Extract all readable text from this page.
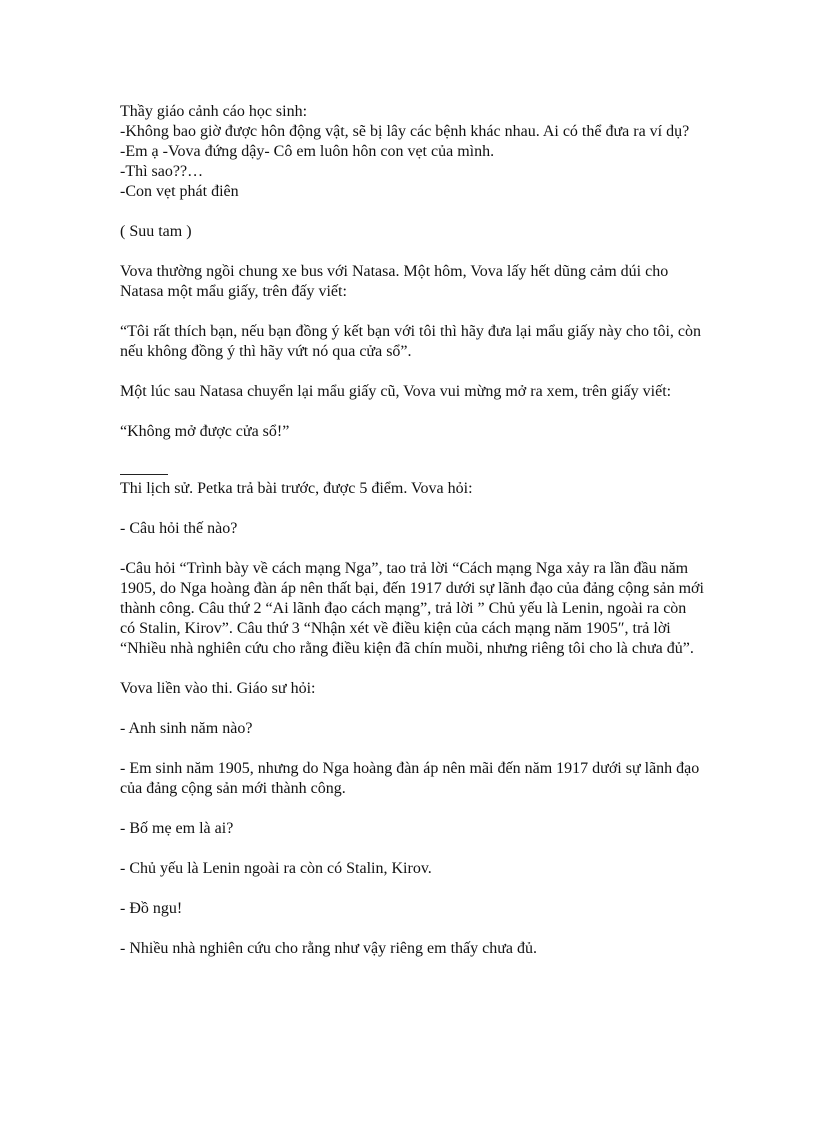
Thầy giáo cảnh cáo học sinh:

-Không bao giờ được hôn động vật, sẽ bị lây các bệnh khác nhau. Ai có thể đưa ra ví dụ?

-Em ạ -Vova đứng dậy- Cô em luôn hôn con vẹt của mình.

-Thì sao??…

-Con vẹt phát điên

( Suu tam )

Vova thường ngồi chung xe bus với Natasa. Một hôm, Vova lấy hết dũng cảm dúi cho Natasa một mẩu giấy, trên đấy viết:

“Tôi rất thích bạn, nếu bạn đồng ý kết bạn với tôi thì hãy đưa lại mẩu giấy này cho tôi, còn nếu không đồng ý thì hãy vứt nó qua cửa sổ”.

Một lúc sau Natasa chuyển lại mẩu giấy cũ, Vova vui mừng mở ra xem, trên giấy viết:

“Không mở được cửa sổ!”

Thi lịch sử. Petka trả bài trước, được 5 điểm. Vova hỏi:

- Câu hỏi thế nào?

-Câu hỏi “Trình bày về cách mạng Nga”, tao trả lời “Cách mạng Nga xảy ra lần đầu năm 1905, do Nga hoàng đàn áp nên thất bại, đến 1917 dưới sự lãnh đạo của đảng cộng sản mới thành công. Câu thứ 2 “Ai lãnh đạo cách mạng”, trả lời ” Chủ yếu là Lenin, ngoài ra còn có Stalin, Kirov”. Câu thứ 3 “Nhận xét về điều kiện của cách mạng năm 1905″, trả lời “Nhiều nhà nghiên cứu cho rằng điều kiện đã chín muồi, nhưng riêng tôi cho là chưa đủ”.

Vova liền vào thi. Giáo sư hỏi:

- Anh sinh năm nào?

- Em sinh năm 1905, nhưng do Nga hoàng đàn áp nên mãi đến năm 1917 dưới sự lãnh đạo của đảng cộng sản mới thành công.

- Bố mẹ em là ai?

- Chủ yếu là Lenin ngoài ra còn có Stalin, Kirov.

- Đồ ngu!

- Nhiều nhà nghiên cứu cho rằng như vậy riêng em thấy chưa đủ.
